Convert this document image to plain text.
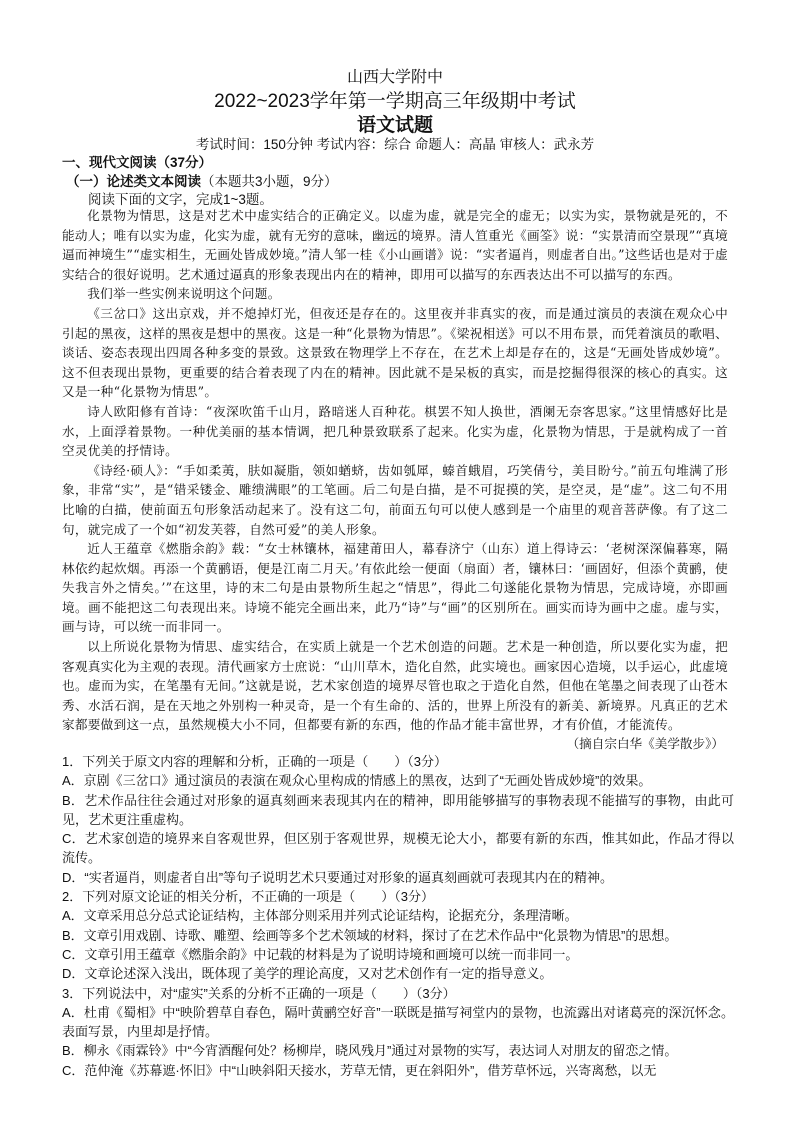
山西大学附中
2022~2023学年第一学期高三年级期中考试
语文试题
考试时间：150分钟 考试内容：综合 命题人：高晶 审核人：武永芳
一、现代文阅读（37分）
（一）论述类文本阅读（本题共3小题，9分）
阅读下面的文字，完成1~3题。

化景物为情思，这是对艺术中虚实结合的正确定义。以虚为虚，就是完全的虚无；以实为实，景物就是死的，不能动人；唯有以实为虚，化实为虚，就有无穷的意味，幽远的境界。清人笪重光《画筌》说：“实景清而空景现”“真境逼而神境生”“虚实相生，无画处皆成妙境。”清人邹一桂《小山画谱》说：“实者逼肖，则虚者自出。”这些话也是对于虚实结合的很好说明。艺术通过逼真的形象表现出内在的精神，即用可以描写的东西表达出不可以描写的东西。

我们举一些实例来说明这个问题。

《三岔口》这出京戏，并不熄掉灯光，但夜还是存在的。这里夜并非真实的夜，而是通过演员的表演在观众心中引起的黑夜，这样的黑夜是想中的黑夜。这是一种“化景物为情思”。《梁祝相送》可以不用布景，而凭着演员的歌唱、谈话、姿态表现出四周各种多变的景致。这景致在物理学上不存在，在艺术上却是存在的，这是“无画处皆成妙境”。这不但表现出景物，更重要的结合着表现了内在的精神。因此就不是呆板的真实，而是挖掘得很深的核心的真实。这又是一种“化景物为情思”。

诗人欧阳修有首诗：“夜深吹笛千山月，路暗迷人百种花。棋罢不知人换世，酒阑无奈客思家。”这里情感好比是水，上面浮着景物。一种优美丽的基本情调，把几种景致联系了起来。化实为虚，化景物为情思，于是就构成了一首空灵优美的抒情诗。

《诗经·硕人》：“手如柔荑，肤如凝脂，领如蝤蛴，齿如瓠犀，螓首蛾眉，巧笑倩兮，美目盼兮。”前五句堆满了形象，非常“实”，是“错采镂金、雕缋满眼”的工笔画。后二句是白描，是不可捉摸的笑，是空灵，是“虚”。这二句不用比喻的白描，使前面五句形象活动起来了。没有这二句，前面五句可以使人感到是一个庙里的观音菩萨像。有了这二句，就完成了一个如“初发芙蓉，自然可爱”的美人形象。

近人王蕴章《燃脂余韵》载：“女士林镶林，福建莆田人，幕春济宁（山东）道上得诗云：‘老树深深偏暮寒，隔林依约起炊烟。再添一个黄鹂语，便是江南二月天。’有依此绘一便面（扇面）者，镶林曰：‘画固好，但添个黄鹂，使失我言外之情矣。’”在这里，诗的末二句是由景物所生起之“情思”，得此二句遂能化景物为情思，完成诗境，亦即画境。画不能把这二句表现出来。诗境不能完全画出来，此乃“诗”与“画”的区别所在。画实而诗为画中之虚。虚与实，画与诗，可以统一而非同一。

以上所说化景物为情思、虚实结合，在实质上就是一个艺术创造的问题。艺术是一种创造，所以要化实为虚，把客观真实化为主观的表现。清代画家方士庶说：“山川草木，造化自然，此实境也。画家因心造境，以手运心，此虚境也。虚而为实，在笔墨有无间。”这就是说，艺术家创造的境界尽管也取之于造化自然，但他在笔墨之间表现了山苍木秀、水活石润，是在天地之外别构一种灵奇，是一个有生命的、活的，世界上所没有的新美、新境界。凡真正的艺术家都要做到这一点，虽然规模大小不同，但都要有新的东西，他的作品才能丰富世界，才有价值，才能流传。

（摘自宗白华《美学散步》）

1．下列关于原文内容的理解和分析，正确的一项是（　　）（3分）

A．京剧《三岔口》通过演员的表演在观众心里构成的情感上的黑夜，达到了“无画处皆成妙境”的效果。

B．艺术作品往往会通过对形象的逼真刻画来表现其内在的精神，即用能够描写的事物表现不能描写的事物，由此可见，艺术更注重虚构。

C．艺术家创造的境界来自客观世界，但区别于客观世界，规模无论大小，都要有新的东西，惟其如此，作品才得以流传。

D．“实者逼肖，则虚者自出”等句子说明艺术只要通过对形象的逼真刻画就可表现其内在的精神。

2．下列对原文论证的相关分析，不正确的一项是（　　）（3分）

A．文章采用总分总式论证结构，主体部分则采用并列式论证结构，论据充分，条理清晰。

B．文章引用戏剧、诗歌、雕塑、绘画等多个艺术领域的材料，探讨了在艺术作品中“化景物为情思”的思想。

C．文章引用王蕴章《燃脂余韵》中记载的材料是为了说明诗境和画境可以统一而非同一。

D．文章论述深入浅出，既体现了美学的理论高度，又对艺术创作有一定的指导意义。

3．下列说法中，对“虚实”关系的分析不正确的一项是（　　）（3分）

A．杜甫《蜀相》中“映阶碧草自春色，隔叶黄鹂空好音”一联既是描写祠堂内的景物，也流露出对诸葛亮的深沉怀念。表面写景，内里却是抒情。

B．柳永《雨霖铃》中“今宵酒醒何处？杨柳岸，晓风残月”通过对景物的实写，表达词人对朋友的留恋之情。

C．范仲淹《苏幕遮·怀旧》中“山映斜阳天接水，芳草无情，更在斜阳外”，借芳草怀远，兴寄离愁，以无
